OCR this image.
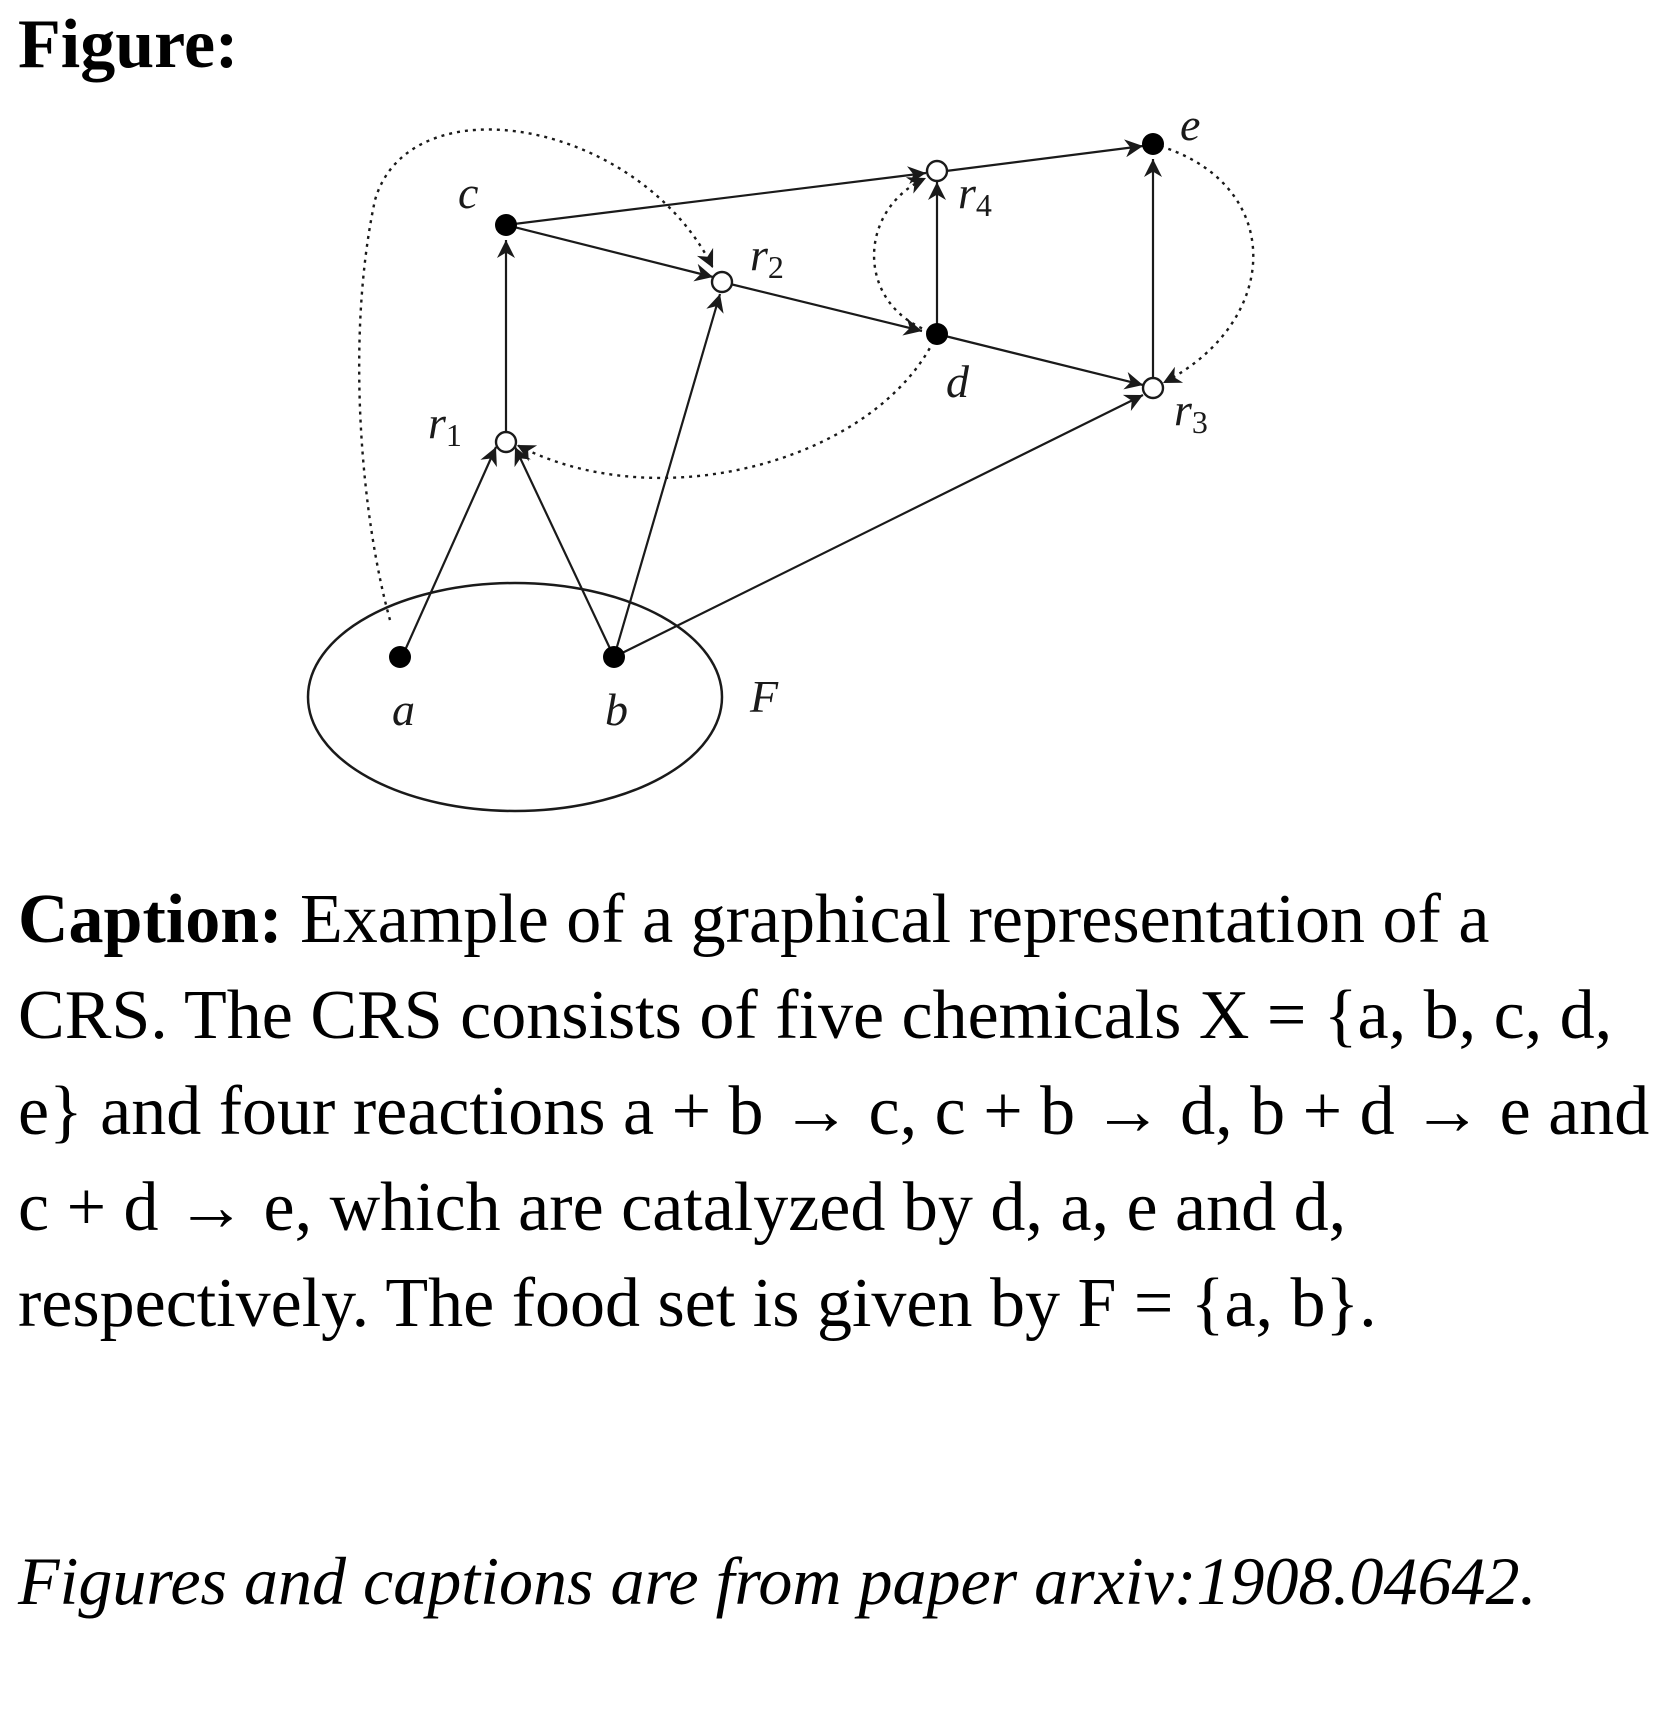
Figure:
a	b
c
d
e
F
r1
r2
r3
r4

Caption: Example of a graphical representation of a CRS. The CRS consists of five chemicals X = {a, b, c, d, e} and four reactions a + b → c, c + b → d, b + d → e and c + d → e, which are catalyzed by d, a, e and d, respectively. The food set is given by F = {a, b}.

Figures and captions are from paper arxiv:1908.04642.
